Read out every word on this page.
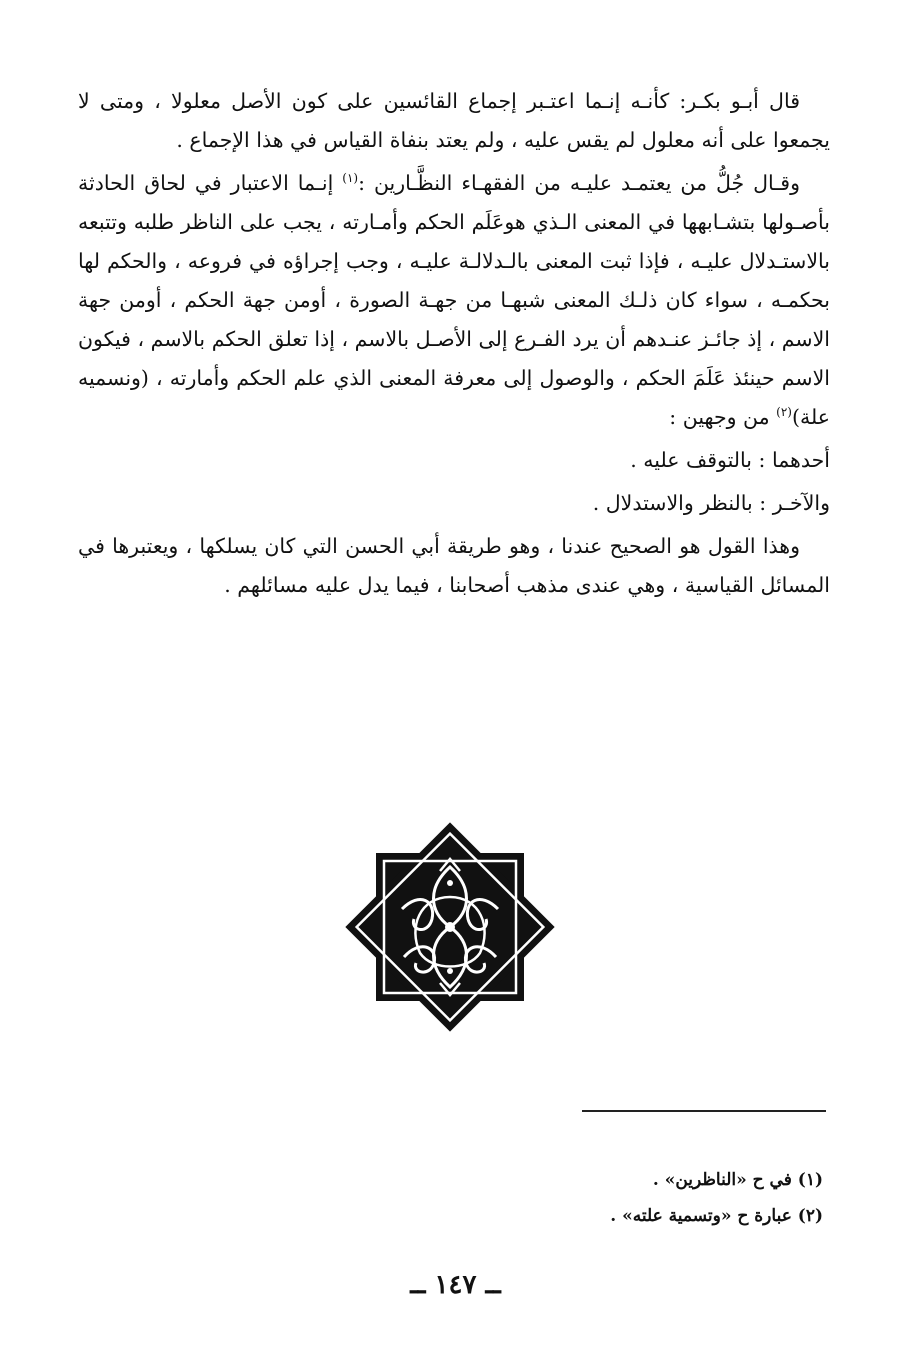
قال أبـو بكـر: كأنـه إنـما اعتـبر إجماع القائسين على كون الأصل معلولا ، ومتى لا يجمعوا على أنه معلول لم يقس عليه ، ولم يعتد بنفاة القياس في هذا الإجماع .

وقـال جُلُّ من يعتمـد عليـه من الفقهـاء النظَّـارين :$^{(١)}$ إنـما الاعتبار في لحاق الحادثة بأصـولها بتشـابهها في المعنى الـذي هوعَلَم الحكم وأمـارته ، يجب على الناظر طلبه وتتبعه بالاستـدلال عليـه ، فإذا ثبت المعنى بالـدلالـة عليـه ، وجب إجراؤه في فروعه ، والحكم لها بحكمـه ، سواء كان ذلـك المعنى شبهـا من جهـة الصورة ، أومن جهة الحكم ، أومن جهة الاسم ، إذ جائـز عنـدهم أن يرد الفـرع إلى الأصـل بالاسم ، إذا تعلق الحكم بالاسم ، فيكون الاسم حينئذ عَلَمَ الحكم ، والوصول إلى معرفة المعنى الذي علم الحكم وأمارته ، (ونسميه علة)$^{(٢)}$ من وجهين :

أحدهما : بالتوقف عليه .

والآخـر : بالنظر والاستدلال .

وهذا القول هو الصحيح عندنا ، وهو طريقة أبي الحسن التي كان يسلكها ، ويعتبرها في المسائل القياسية ، وهي عندى مذهب أصحابنا ، فيما يدل عليه مسائلهم .

(١) في ح «الناظرين» .

(٢) عبارة ح «وتسمية علته» .

ــ ١٤٧ ــ
